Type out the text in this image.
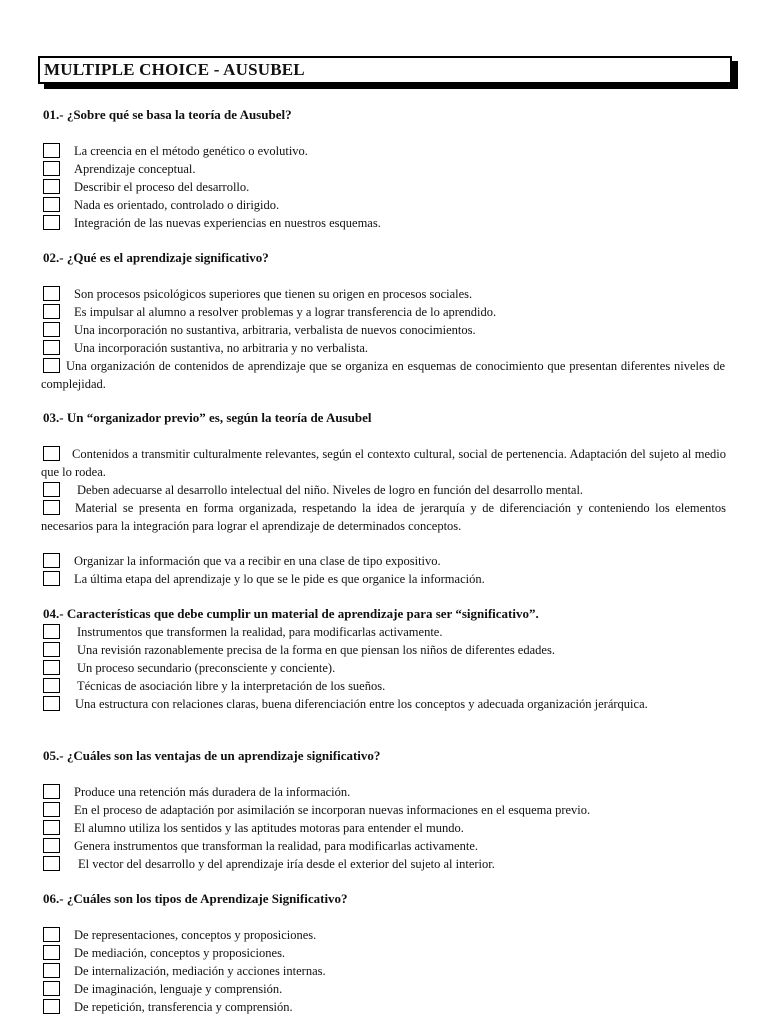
MULTIPLE CHOICE - AUSUBEL
01.- ¿Sobre qué se basa la teoría de Ausubel?
La creencia en el método genético o evolutivo.
Aprendizaje conceptual.
Describir el proceso del desarrollo.
Nada es orientado, controlado o dirigido.
Integración de las nuevas experiencias en nuestros esquemas.
02.- ¿Qué es el aprendizaje significativo?
Son procesos psicológicos superiores que tienen su origen en procesos sociales.
Es impulsar al alumno a resolver problemas y a lograr transferencia de lo aprendido.
Una incorporación no sustantiva, arbitraria, verbalista de nuevos conocimientos.
Una incorporación sustantiva, no arbitraria y no verbalista.
Una organización de contenidos de aprendizaje que se organiza en esquemas de conocimiento que presentan diferentes niveles de complejidad.
03.- Un “organizador previo” es, según la teoría de Ausubel
Contenidos a transmitir culturalmente relevantes, según el contexto cultural, social de pertenencia. Adaptación del sujeto al medio que lo rodea.
Deben adecuarse al desarrollo intelectual del niño. Niveles de logro en función del desarrollo mental.
Material se presenta en forma organizada, respetando la idea de jerarquía y de diferenciación y conteniendo los elementos necesarios para la integración para lograr el aprendizaje de determinados conceptos.
Organizar la información que va a recibir en una clase de tipo expositivo.
La última etapa del aprendizaje y lo que se le pide es que organice la información.
04.- Características que debe cumplir un material de aprendizaje para ser “significativo”.
Instrumentos que transformen la realidad, para modificarlas activamente.
Una revisión razonablemente precisa de la forma en que piensan los niños de diferentes edades.
Un proceso secundario (preconsciente y conciente).
Técnicas de asociación libre y la interpretación de los sueños.
Una estructura con relaciones claras, buena diferenciación entre los conceptos y adecuada organización jerárquica.
05.- ¿Cuáles son las ventajas de un aprendizaje significativo?
Produce una retención más duradera de la información.
En el proceso de adaptación por asimilación se incorporan nuevas informaciones en el esquema previo.
El alumno utiliza los sentidos y las aptitudes motoras para entender el mundo.
Genera instrumentos que transforman la realidad, para modificarlas activamente.
El vector del desarrollo y del aprendizaje iría desde el exterior del sujeto al interior.
06.- ¿Cuáles son los tipos de Aprendizaje Significativo?
De representaciones, conceptos y proposiciones.
De mediación, conceptos y proposiciones.
De internalización, mediación y acciones internas.
De imaginación, lenguaje y comprensión.
De repetición, transferencia y comprensión.
